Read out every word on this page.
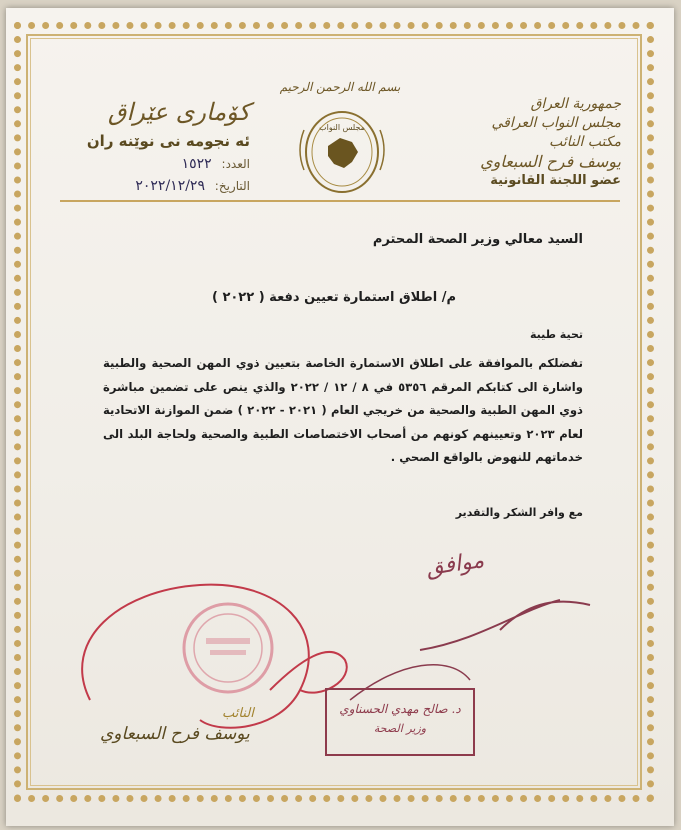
کۆماری عێراق
ئه نجومه نی نوێنه ران
العدد: ١٥٢٢
التاريخ: ٢٠٢٢/١٢/٢٩
بسم الله الرحمن الرحيم
مجلس النواب
جمهورية العراق
مجلس النواب العراقي
مكتب النائب
يوسف فرح السبعاوي
عضو اللجنة القانونية
السيد معالي وزير الصحة المحترم
م/ اطلاق استمارة تعيين دفعة ( ٢٠٢٢ )
تحية طيبة
تفضلكم بالموافقة على اطلاق الاستمارة الخاصة بتعيين ذوي المهن الصحية والطبية واشارة الى كتابكم المرقم ٥٣٥٦ في ٨ / ١٢ / ٢٠٢٢ والذي ينص على تضمين مباشرة ذوي المهن الطبية والصحية من خريجي العام ( ٢٠٢١ - ٢٠٢٢ ) ضمن الموازنة الاتحادية لعام ٢٠٢٣ وتعيينهم كونهم من أصحاب الاختصاصات الطبية والصحية ولحاجة البلد الى خدماتهم للنهوض بالواقع الصحي .
مع وافر الشكر والتقدير
موافق
النائب
يوسف فرح السبعاوي
د. صالح مهدي الحسناوي
وزير الصحة
